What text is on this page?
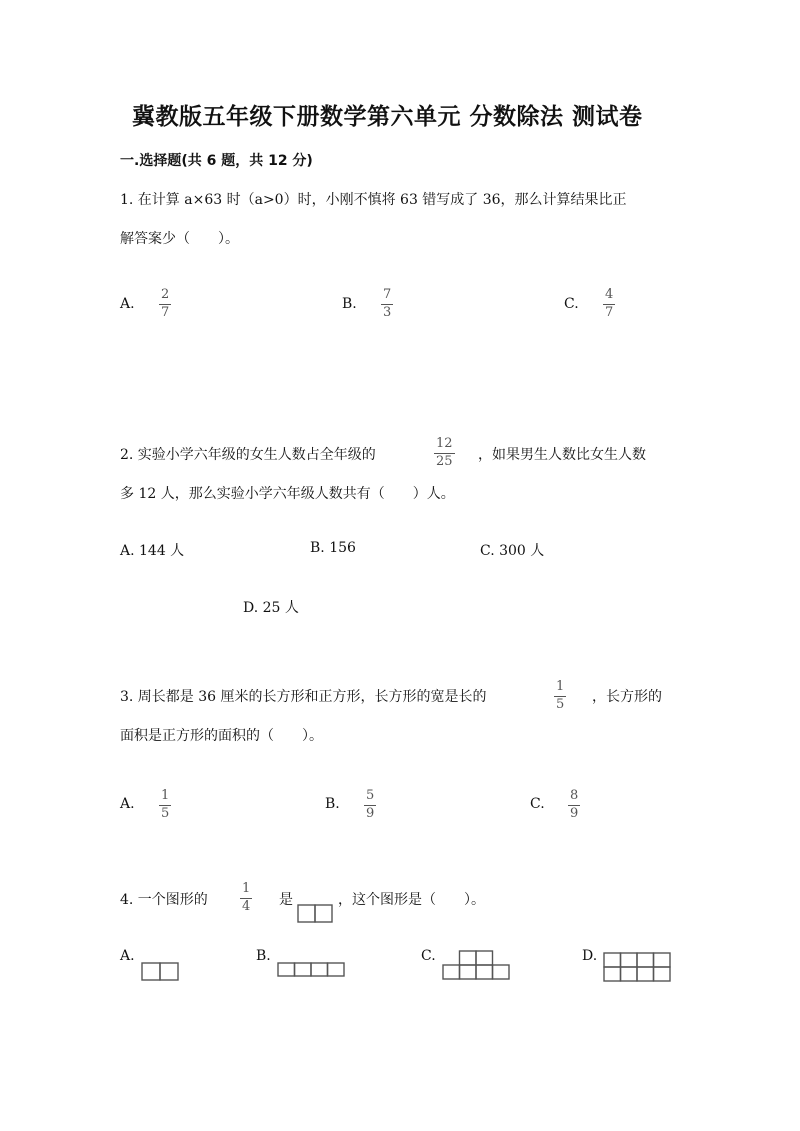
冀教版五年级下册数学第六单元 分数除法 测试卷
一.选择题(共 6 题，共 12 分)
1. 在计算 a×63 时（a>0）时，小刚不慎将 63 错写成了 36，那么计算结果比正
解答案少（　　）。
A.
2
7
B.
7
3
C.
4
7
2. 实验小学六年级的女生人数占全年级的
12
25 ，如果男生人数比女生人数
多 12 人，那么实验小学六年级人数共有（　　）人。
A. 144 人	B. 156	C. 300 人
D. 25 人
3. 周长都是 36 厘米的长方形和正方形，长方形的宽是长的
1
5 ，长方形的
面积是正方形的面积的（　　）。
A.
1
5
B.
5
9
C.
8
9
4. 一个图形的
1
4 是	，这个图形是（　　）。
A.	B.	C.	D.
